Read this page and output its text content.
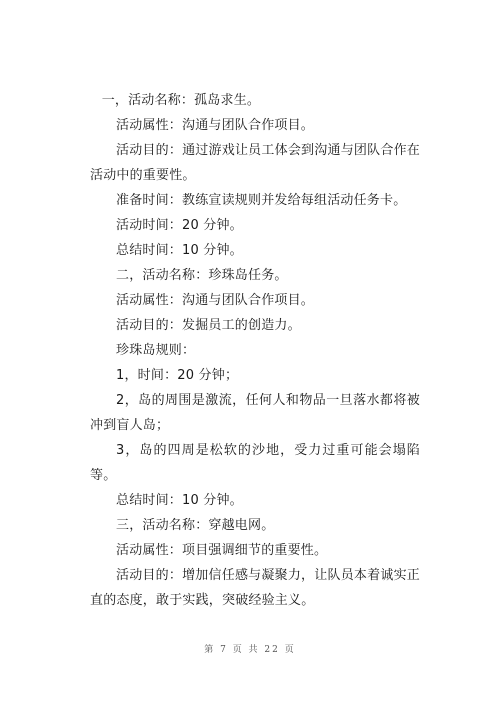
一，活动名称：孤岛求生。

活动属性：沟通与团队合作项目。

活动目的：通过游戏让员工体会到沟通与团队合作在活动中的重要性。

准备时间：教练宣读规则并发给每组活动任务卡。

活动时间：20 分钟。

总结时间：10 分钟。

二，活动名称：珍珠岛任务。

活动属性：沟通与团队合作项目。

活动目的：发掘员工的创造力。

珍珠岛规则：

1，时间：20 分钟；

2，岛的周围是激流，任何人和物品一旦落水都将被冲到盲人岛；

3，岛的四周是松软的沙地，受力过重可能会塌陷等。

总结时间：10 分钟。

三，活动名称：穿越电网。

活动属性：项目强调细节的重要性。

活动目的：增加信任感与凝聚力，让队员本着诚实正直的态度，敢于实践，突破经验主义。

第 7 页 共 22 页
